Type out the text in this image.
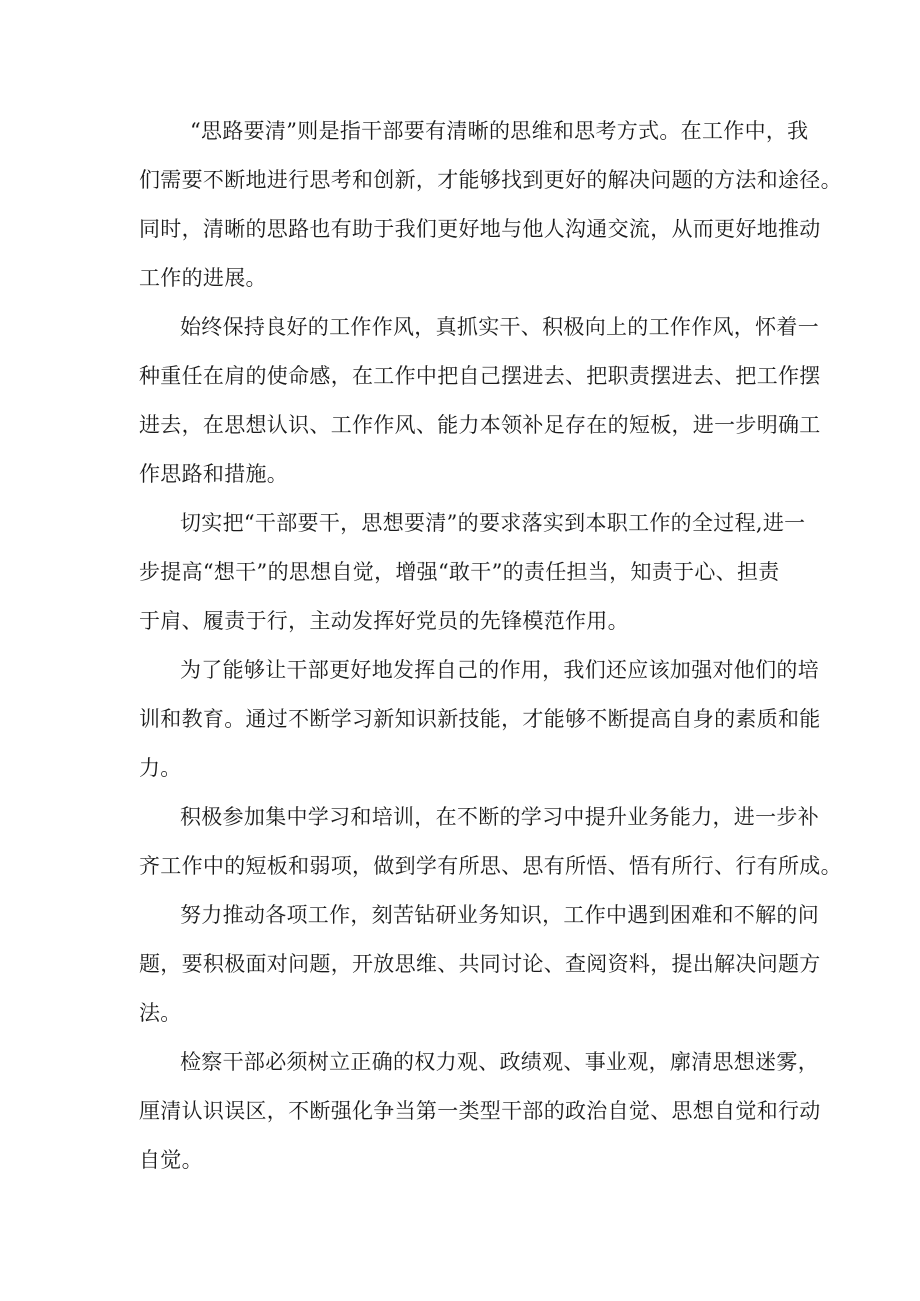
“思路要清”则是指干部要有清晰的思维和思考方式。在工作中，我
们需要不断地进行思考和创新，才能够找到更好的解决问题的方法和途径。
同时，清晰的思路也有助于我们更好地与他人沟通交流，从而更好地推动
工作的进展。
始终保持良好的工作作风，真抓实干、积极向上的工作作风，怀着一
种重任在肩的使命感，在工作中把自己摆进去、把职责摆进去、把工作摆
进去，在思想认识、工作作风、能力本领补足存在的短板，进一步明确工
作思路和措施。
切实把“干部要干，思想要清”的要求落实到本职工作的全过程,进一
步提高“想干”的思想自觉，增强“敢干”的责任担当，知责于心、担责
于肩、履责于行，主动发挥好党员的先锋模范作用。
为了能够让干部更好地发挥自己的作用，我们还应该加强对他们的培
训和教育。通过不断学习新知识新技能，才能够不断提高自身的素质和能
力。
积极参加集中学习和培训，在不断的学习中提升业务能力，进一步补
齐工作中的短板和弱项，做到学有所思、思有所悟、悟有所行、行有所成。
努力推动各项工作，刻苦钻研业务知识，工作中遇到困难和不解的问
题，要积极面对问题，开放思维、共同讨论、查阅资料，提出解决问题方
法。
检察干部必须树立正确的权力观、政绩观、事业观，廓清思想迷雾，
厘清认识误区，不断强化争当第一类型干部的政治自觉、思想自觉和行动
自觉。
